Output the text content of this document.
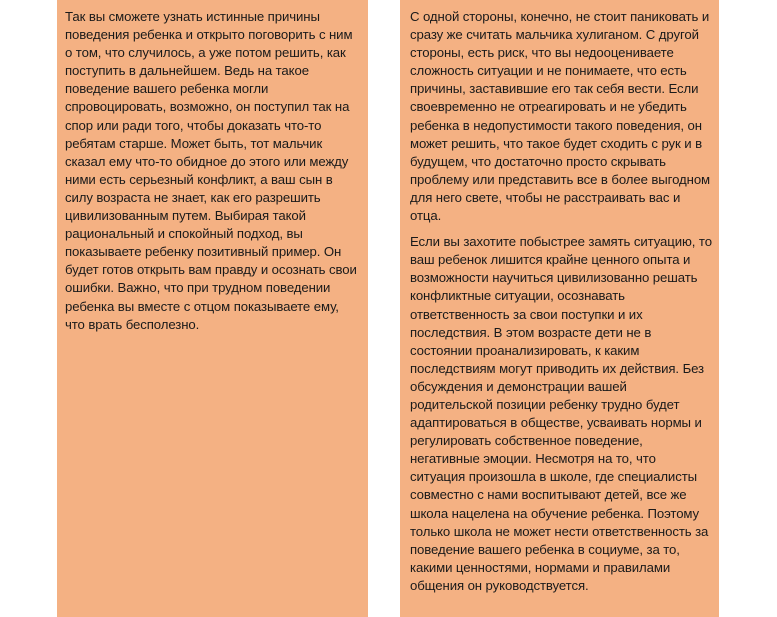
Так вы сможете узнать истинные причины поведения ребенка и открыто поговорить с ним о том, что случилось, а уже потом решить, как поступить в дальнейшем. Ведь на такое поведение вашего ребенка могли спровоцировать, возможно, он поступил так на спор или ради того, чтобы доказать что-то ребятам старше. Может быть, тот мальчик сказал ему что-то обидное до этого или между ними есть серьезный конфликт, а ваш сын в силу возраста не знает, как его разрешить цивилизованным путем. Выбирая такой рациональный и спокойный подход, вы показываете ребенку позитивный пример. Он будет готов открыть вам правду и осознать свои ошибки. Важно, что при трудном поведении ребенка вы вместе с отцом показываете ему, что врать бесполезно.

С одной стороны, конечно, не стоит паниковать и сразу же считать мальчика хулиганом. С другой стороны, есть риск, что вы недооцениваете сложность ситуации и не понимаете, что есть причины, заставившие его так себя вести. Если своевременно не отреагировать и не убедить ребенка в недопустимости такого поведения, он может решить, что такое будет сходить с рук и в будущем, что достаточно просто скрывать проблему или представить все в более выгодном для него свете, чтобы не расстраивать вас и отца.

Если вы захотите побыстрее замять ситуацию, то ваш ребенок лишится крайне ценного опыта и возможности научиться цивилизованно решать конфликтные ситуации, осознавать ответственность за свои поступки и их последствия. В этом возрасте дети не в состоянии проанализировать, к каким последствиям могут приводить их действия. Без обсуждения и демонстрации вашей родительской позиции ребенку трудно будет адаптироваться в обществе, усваивать нормы и регулировать собственное поведение, негативные эмоции. Несмотря на то, что ситуация произошла в школе, где специалисты совместно с нами воспитывают детей, все же школа нацелена на обучение ребенка. Поэтому только школа не может нести ответственность за поведение вашего ребенка в социуме, за то, какими ценностями, нормами и правилами общения он руководствуется.
